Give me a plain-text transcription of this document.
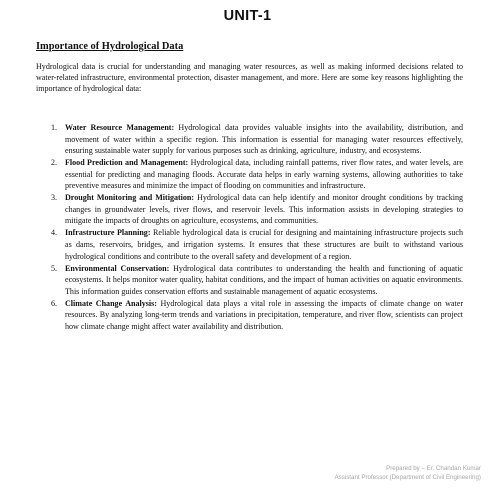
UNIT-1
Importance of Hydrological Data

Hydrological data is crucial for understanding and managing water resources, as well as making informed decisions related to water-related infrastructure, environmental protection, disaster management, and more. Here are some key reasons highlighting the importance of hydrological data:

1. Water Resource Management: Hydrological data provides valuable insights into the availability, distribution, and movement of water within a specific region. This information is essential for managing water resources effectively, ensuring sustainable water supply for various purposes such as drinking, agriculture, industry, and ecosystems.
2. Flood Prediction and Management: Hydrological data, including rainfall patterns, river flow rates, and water levels, are essential for predicting and managing floods. Accurate data helps in early warning systems, allowing authorities to take preventive measures and minimize the impact of flooding on communities and infrastructure.
3. Drought Monitoring and Mitigation: Hydrological data can help identify and monitor drought conditions by tracking changes in groundwater levels, river flows, and reservoir levels. This information assists in developing strategies to mitigate the impacts of droughts on agriculture, ecosystems, and communities.
4. Infrastructure Planning: Reliable hydrological data is crucial for designing and maintaining infrastructure projects such as dams, reservoirs, bridges, and irrigation systems. It ensures that these structures are built to withstand various hydrological conditions and contribute to the overall safety and development of a region.
5. Environmental Conservation: Hydrological data contributes to understanding the health and functioning of aquatic ecosystems. It helps monitor water quality, habitat conditions, and the impact of human activities on aquatic environments. This information guides conservation efforts and sustainable management of aquatic ecosystems.
6. Climate Change Analysis: Hydrological data plays a vital role in assessing the impacts of climate change on water resources. By analyzing long-term trends and variations in precipitation, temperature, and river flow, scientists can project how climate change might affect water availability and distribution.
Prepared by – Er. Chandan Kumar
Assistant Professor (Department of Civil Engineering)
